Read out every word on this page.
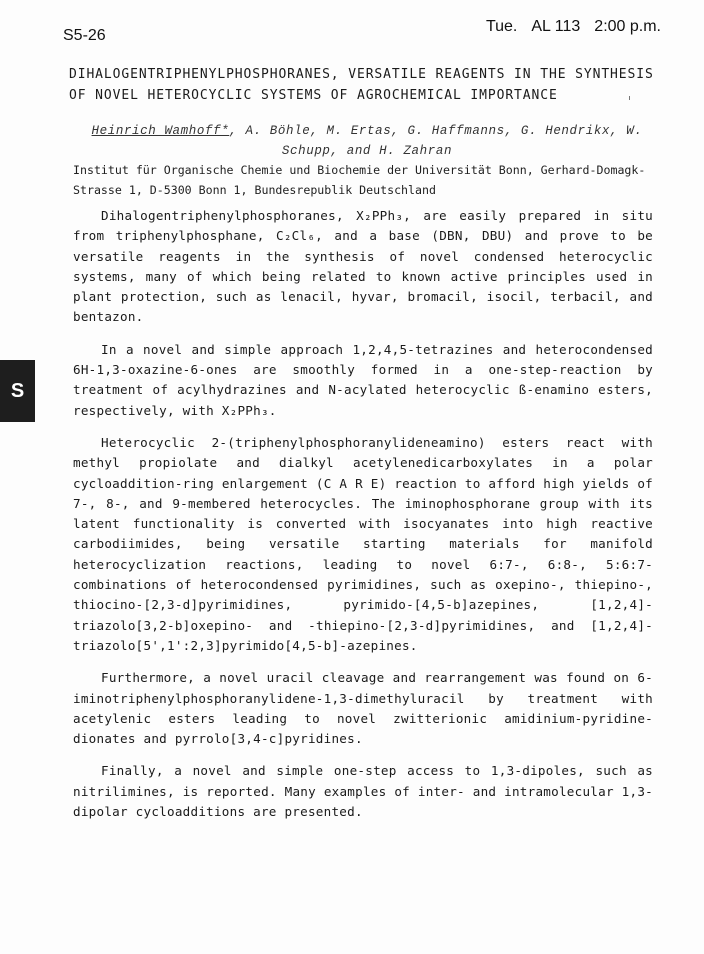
S5-26
Tue. AL 113 2:00 p.m.
DIHALOGENTRIPHENYLPHOSPHORANES, VERSATILE REAGENTS IN THE SYNTHESIS OF NOVEL HETEROCYCLIC SYSTEMS OF AGROCHEMICAL IMPORTANCE
Heinrich Wamhoff*, A. Böhle, M. Ertas, G. Haffmanns, G. Hendrikx, W. Schupp, and H. Zahran
Institut für Organische Chemie und Biochemie der Universität Bonn, Gerhard-Domagk-Strasse 1, D-5300 Bonn 1, Bundesrepublik Deutschland

Dihalogentriphenylphosphoranes, X₂PPh₃, are easily prepared in situ from triphenylphosphane, C₂Cl₆, and a base (DBN, DBU) and prove to be versatile reagents in the synthesis of novel condensed heterocyclic systems, many of which being related to known active principles used in plant protection, such as lenacil, hyvar, bromacil, isocil, terbacil, and bentazon.

In a novel and simple approach 1,2,4,5-tetrazines and heterocondensed 6H-1,3-oxazine-6-ones are smoothly formed in a one-step-reaction by treatment of acylhydrazines and N-acylated heterocyclic ß-enamino esters, respectively, with X₂PPh₃.

Heterocyclic 2-(triphenylphosphoranylideneamino) esters react with methyl propiolate and dialkyl acetylenedicarboxylates in a polar cycloaddition-ring enlargement (C A R E) reaction to afford high yields of 7-, 8-, and 9-membered heterocycles. The iminophosphorane group with its latent functionality is converted with isocyanates into high reactive carbodiimides, being versatile starting materials for manifold heterocyclization reactions, leading to novel 6:7-, 6:8-, 5:6:7-combinations of heterocondensed pyrimidines, such as oxepino-, thiepino-, thiocino-[2,3-d]pyrimidines, pyrimido-[4,5-b]azepines, [1,2,4]-triazolo[3,2-b]oxepino- and -thiepino-[2,3-d]pyrimidines, and [1,2,4]-triazolo[5',1':2,3]pyrimido[4,5-b]-azepines.

Furthermore, a novel uracil cleavage and rearrangement was found on 6-iminotriphenylphosphoranylidene-1,3-dimethyluracil by treatment with acetylenic esters leading to novel zwitterionic amidinium-pyridine-dionates and pyrrolo[3,4-c]pyridines.

Finally, a novel and simple one-step access to 1,3-dipoles, such as nitrilimines, is reported. Many examples of inter- and intramolecular 1,3-dipolar cycloadditions are presented.

S
